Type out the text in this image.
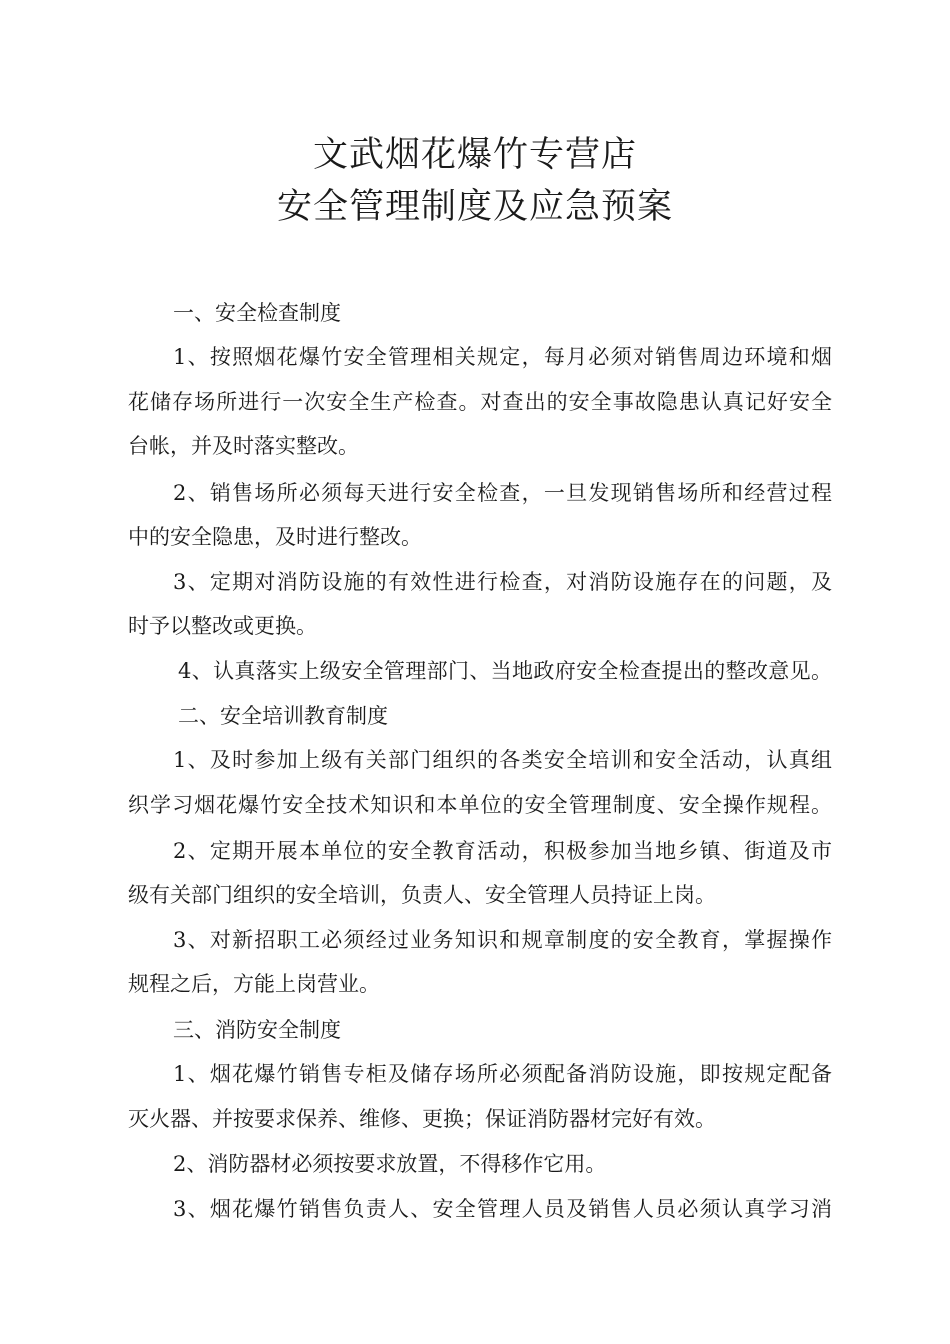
文武烟花爆竹专营店
安全管理制度及应急预案
一、安全检查制度
1、按照烟花爆竹安全管理相关规定，每月必须对销售周边环境和烟
花储存场所进行一次安全生产检查。对查出的安全事故隐患认真记好安全
台帐，并及时落实整改。
2、销售场所必须每天进行安全检查，一旦发现销售场所和经营过程
中的安全隐患，及时进行整改。
3、定期对消防设施的有效性进行检查，对消防设施存在的问题，及
时予以整改或更换。
4、认真落实上级安全管理部门、当地政府安全检查提出的整改意见。
二、安全培训教育制度
1、及时参加上级有关部门组织的各类安全培训和安全活动，认真组
织学习烟花爆竹安全技术知识和本单位的安全管理制度、安全操作规程。
2、定期开展本单位的安全教育活动，积极参加当地乡镇、街道及市
级有关部门组织的安全培训，负责人、安全管理人员持证上岗。
3、对新招职工必须经过业务知识和规章制度的安全教育，掌握操作
规程之后，方能上岗营业。
三、消防安全制度
1、烟花爆竹销售专柜及储存场所必须配备消防设施，即按规定配备
灭火器、并按要求保养、维修、更换；保证消防器材完好有效。
2、消防器材必须按要求放置，不得移作它用。
3、烟花爆竹销售负责人、安全管理人员及销售人员必须认真学习消
